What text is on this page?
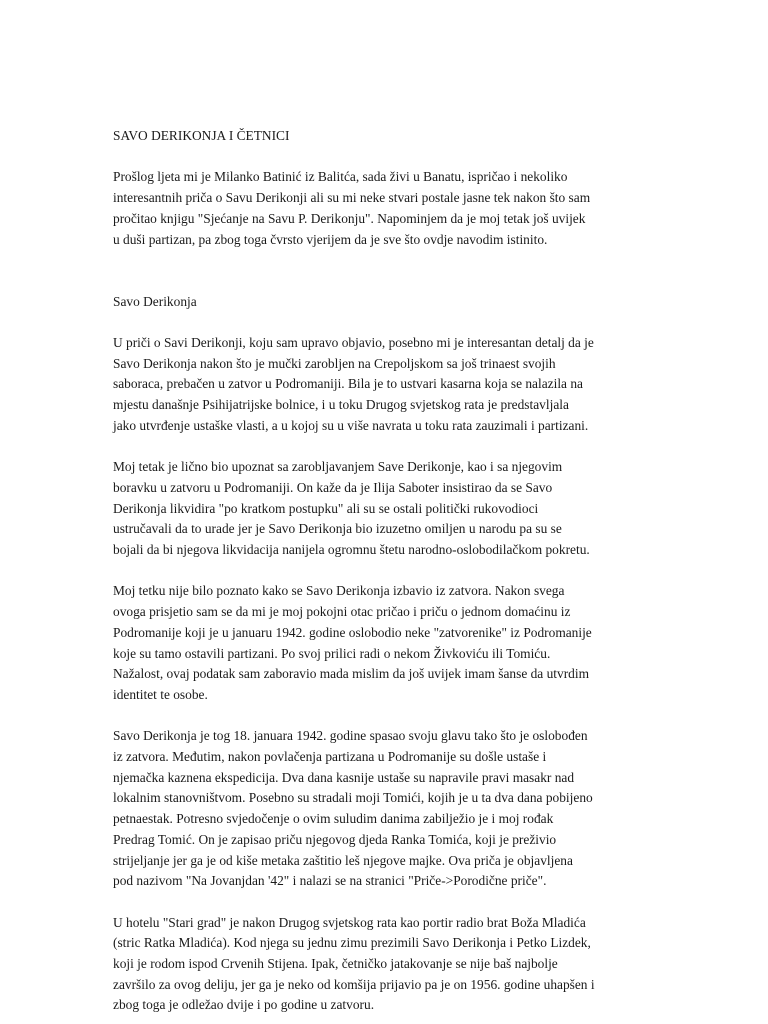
SAVO DERIKONJA I ČETNICI
Prošlog ljeta mi je Milanko Batinić iz Balitća, sada živi u Banatu, ispričao i nekoliko
interesantnih priča o Savu Derikonji ali su mi neke stvari postale jasne tek nakon što sam
pročitao knjigu "Sjećanje na Savu P. Derikonju". Napominjem da je moj tetak još uvijek
u duši partizan, pa zbog toga čvrsto vjerijem da je sve što ovdje navodim istinito.
Savo Derikonja
U priči o Savi Derikonji, koju sam upravo objavio, posebno mi je interesantan detalj da je
Savo Derikonja nakon što je mučki zarobljen na Crepoljskom sa još trinaest svojih
saboraca, prebačen u zatvor u Podromaniji. Bila je to ustvari kasarna koja se nalazila na
mjestu današnje Psihijatrijske bolnice, i u toku Drugog svjetskog rata je predstavljala
jako utvrđenje ustaške vlasti, a u kojoj su u više navrata u toku rata zauzimali i partizani.
Moj tetak je lično bio upoznat sa zarobljavanjem Save Derikonje, kao i sa njegovim
boravku u zatvoru u Podromaniji. On kaže da je Ilija Saboter insistirao da se Savo
Derikonja likvidira "po kratkom postupku" ali su se ostali politički rukovodioci
ustručavali da to urade jer je Savo Derikonja bio izuzetno omiljen u narodu pa su se
bojali da bi njegova likvidacija nanijela ogromnu štetu narodno-oslobodilačkom pokretu.
Moj tetku nije bilo poznato kako se Savo Derikonja izbavio iz zatvora. Nakon svega
ovoga prisjetio sam se da mi je moj pokojni otac pričao i priču o jednom domaćinu iz
Podromanije koji je u januaru 1942. godine oslobodio neke "zatvorenike" iz Podromanije
koje su tamo ostavili partizani. Po svoj prilici radi o nekom Živkoviću ili Tomiću.
Nažalost, ovaj podatak sam zaboravio mada mislim da još uvijek imam šanse da utvrdim
identitet te osobe.
Savo Derikonja je tog 18. januara 1942. godine spasao svoju glavu tako što je oslobođen
iz zatvora. Međutim, nakon povlačenja partizana u Podromanije su došle ustaše i
njemačka kaznena ekspedicija. Dva dana kasnije ustaše su napravile pravi masakr nad
lokalnim stanovništvom. Posebno su stradali moji Tomići, kojih je u ta dva dana pobijeno
petnaestak. Potresno svjedočenje o ovim suludim danima zabilježio je i moj rođak
Predrag Tomić. On je zapisao priču njegovog djeda Ranka Tomića, koji je preživio
strijeljanje jer ga je od kiše metaka zaštitio leš njegove majke. Ova priča je objavljena
pod nazivom "Na Jovanjdan '42" i nalazi se na stranici "Priče->Porodične priče".
U hotelu "Stari grad" je nakon Drugog svjetskog rata kao portir radio brat Boža Mladića
(stric Ratka Mladića). Kod njega su jednu zimu prezimili Savo Derikonja i Petko Lizdek,
koji je rodom ispod Crvenih Stijena. Ipak, četničko jatakovanje se nije baš najbolje
završilo za ovog deliju, jer ga je neko od komšija prijavio pa je on 1956. godine uhapšen i
zbog toga je odležao dvije i po godine u zatvoru.
